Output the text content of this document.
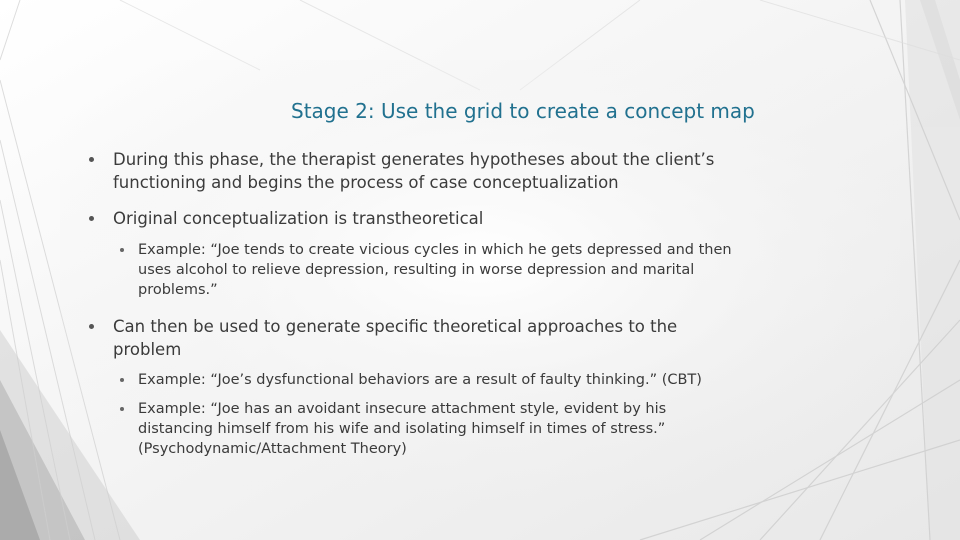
Stage 2: Use the grid to create a concept map
During this phase, the therapist generates hypotheses about the client’s functioning and begins the process of case conceptualization
Original conceptualization is transtheoretical
Example: “Joe tends to create vicious cycles in which he gets depressed and then uses alcohol to relieve depression, resulting in worse depression and marital problems.”
Can then be used to generate specific theoretical approaches to the problem
Example: “Joe’s dysfunctional behaviors are a result of faulty thinking.” (CBT)
Example: “Joe has an avoidant insecure attachment style, evident by his distancing himself from his wife and isolating himself in times of stress.” (Psychodynamic/Attachment Theory)
